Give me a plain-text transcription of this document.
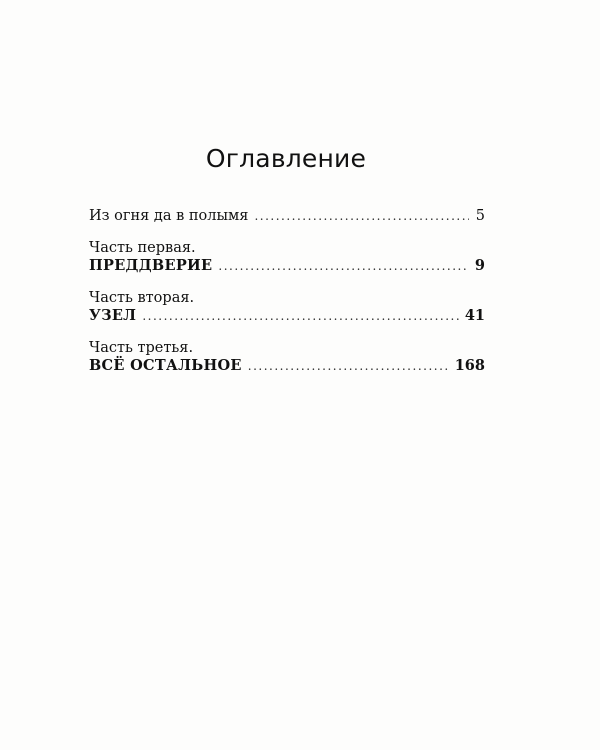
Оглавление
Из огня да в полымя .....	5
Часть первая.
ПРЕДДВЕРИЕ .....	9
Часть вторая.
УЗЕЛ .....	41
Часть третья.
ВСЁ ОСТАЛЬНОЕ .....	168
